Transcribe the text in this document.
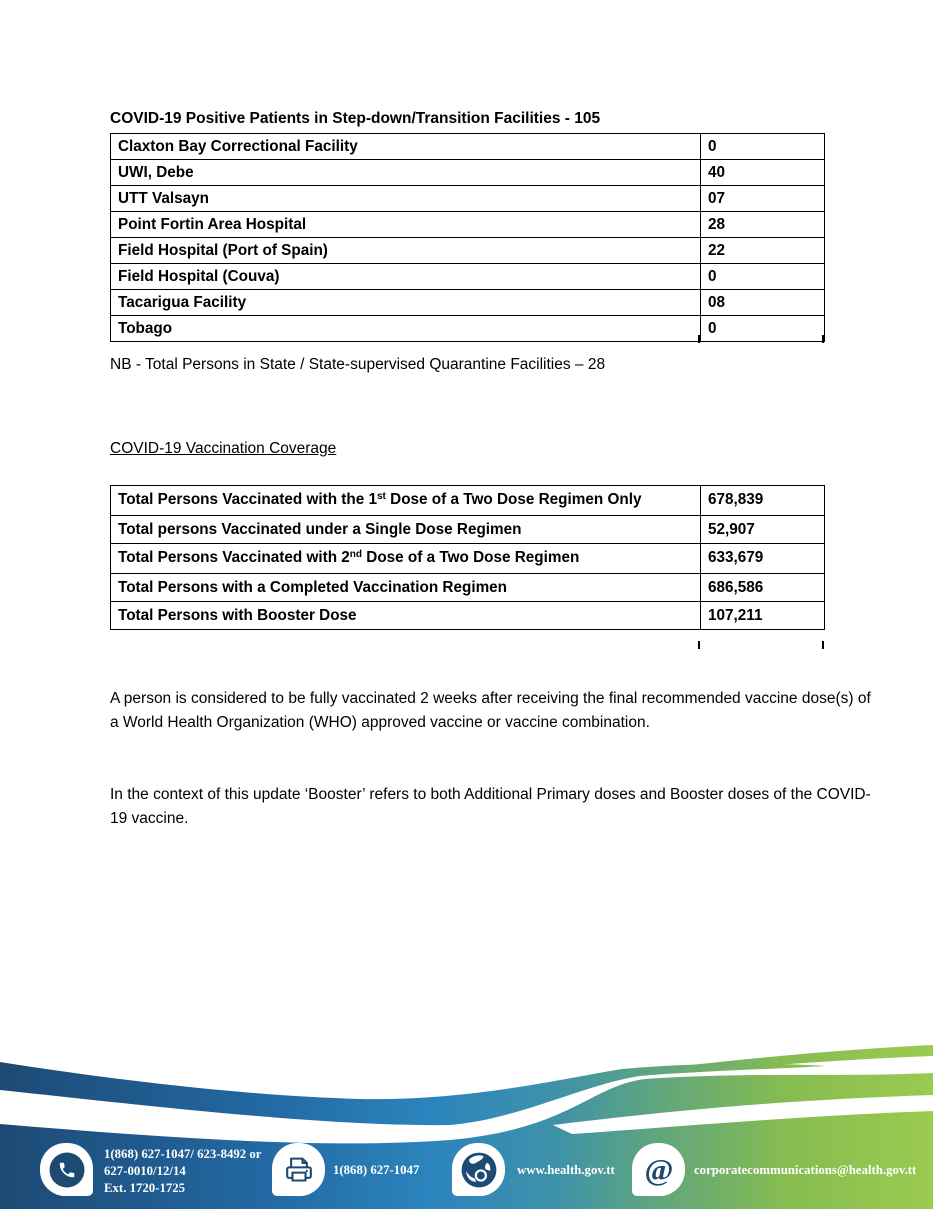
COVID-19 Positive Patients in Step-down/Transition Facilities - 105
Claxton Bay Correctional Facility	0
UWI, Debe	40
UTT Valsayn	07
Point Fortin Area Hospital	28
Field Hospital (Port of Spain)	22
Field Hospital (Couva)	0
Tacarigua Facility	08
Tobago	0
NB - Total Persons in State / State-supervised Quarantine Facilities – 28
COVID-19 Vaccination Coverage
Total Persons Vaccinated with the 1st Dose of a Two Dose Regimen Only	678,839
Total persons Vaccinated under a Single Dose Regimen	52,907
Total Persons Vaccinated with 2nd Dose of a Two Dose Regimen	633,679
Total Persons with a Completed Vaccination Regimen	686,586
Total Persons with Booster Dose	107,211
A person is considered to be fully vaccinated 2 weeks after receiving the final recommended vaccine dose(s) of a World Health Organization (WHO) approved vaccine or vaccine combination.
In the context of this update ‘Booster’ refers to both Additional Primary doses and Booster doses of the COVID-19 vaccine.
1(868) 627-1047/ 623-8492 or
627-0010/12/14
Ext. 1720-1725
1(868) 627-1047	www.health.gov.tt @ corporatecommunications@health.gov.tt
